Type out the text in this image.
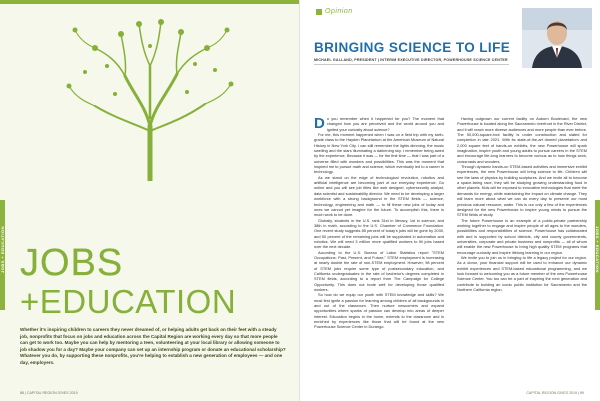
JOBS + EDUCATION JOBS
+EDUCATION

Whether it's inspiring children to careers they never dreamed of, or helping adults get back on their feet with a steady job, nonprofits that focus on jobs and education across the Capital Region are working every day so that more people can get to work too. Maybe you can help by mentoring a teen, volunteering at your local library or allowing someone to job shadow you for a day? Maybe your company can set up an internship program or donate an educational scholarship? Whatever you do, by supporting these nonprofits, you're helping to establish a new generation of employees — and one day, employers.

88 | CAPITAL REGION GIVES 2019
Opinion
BRINGING SCIENCE TO LIFE
MICHAEL GALLAND, PRESIDENT | INTERIM EXECUTIVE DIRECTOR, POWERHOUSE SCIENCE CENTER
JOBS + EDUCATION

Do you remember when it happened for you? The moment that changed how you are perceived and the world around you and ignited your curiosity about science?

For me, this moment happened when I was on a field trip with my sixth-grade class to the Hayden Planetarium at the American Museum of Natural History in New York City. I can still remember the lights dimming, the music swelling and the stars illuminating a darkening sky. I remember being awed by the experience. Because it was — for the first time — that I was part of a universe filled with wonders and possibilities. This was the moment that inspired me to pursue math and science, which eventually led to a career in technology.

As we stand on the edge of technological revolution, robotics and artificial intelligence are becoming part of our everyday experience. Go online and you will see job titles like web designer, cybersecurity analyst, data scientist and sustainability director. We need to be developing a larger workforce with a strong background in the STEM fields — science, technology, engineering and math — to fill these new jobs of today and ones we cannot yet imagine for the future. To accomplish this, there is much work to be done.

Globally, students in the U.S. rank 31st in literacy, 1st in science, and 38th in math, according to the U.S. Chamber of Commerce Foundation. One recent study suggests 85 percent of today's jobs will be gone by 2030, and 50 percent of the remaining jobs will be supplanted in automation and robotics. We will need 3 million more qualified workers to fill jobs based over the next decade.

According to the U.S. Bureau of Labor Statistics report "STEM Occupations: Past, Present, and Future," STEM employment is increasing at nearly double the rate of non-STEM employment. However, 98 percent of STEM jobs require some type of postsecondary education, and California undergraduates in the rate of bachelor's degrees completed in STEM fields, according to a report from The Campaign for College Opportunity. This does not bode well for developing those qualified workers.

So how do we equip our youth with STEM knowledge and skills? We must first ignite a passion for learning among children of all backgrounds in and out of the classroom. Then nurture newcomers and expand opportunities where sparks of passion can develop into areas of deeper interest. Education begins in the home, extends to the classroom and is enriched by experiences like those that will be found at the new Powerhouse Science Center in Durango.

Having outgrown our current facility on Auburn Boulevard, the new Powerhouse is located along the Sacramento riverfront in the River District, and it will reach more diverse audiences and more people than ever before. The 50,000-square-foot facility is under construction and slated for completion in late 2021. With its state-of-the-art domed planetarium and 2,000 square feet of hands-on exhibits, the new Powerhouse will spark imagination, inspire youth and young adults to pursue careers in the STEM and encourage life-long learners to become curious as to how things work, crossroads and wonders.

Through dynamic hands-on STEM-based activities and immersive exhibit experiences, the new Powerhouse will bring science to life. Children will see the laws of physics by building sculptures. And we invite all to become a space-faring race, they will be studying growing understanding food in other planets. Kids will be exposed to innovative technologies that meet the demands for energy, while maintaining the impact on climate change. They will learn more about what we can do every day to preserve our most precious natural resource, water. This is our only a few of the experiences designed for the new Powerhouse to inspire young minds to pursue the STEM fields of study.

The future Powerhouse is an example of a public-private partnership working together to engage and inspire people of all ages to the wonders, possibilities and responsibilities of science. Powerhouse has collaborated with and is supported by school districts, city and county governments, universities, corporate and private business and nonprofits — all of whom will enable the new Powerhouse to bring high quality STEM programs that encourage curiosity and inspire lifelong learning in our region.

We invite you to join us in bringing to life a legacy project for our region. As a donor, your financial support will be used to enhance our dynamic exhibit experiences and STEM-based educational programming, and we look forward to welcoming you as a future member of the new Powerhouse Science Center. You too can be a part of inspiring the next generation and contribute to building an iconic public institution for Sacramento and the Northern California region.

CAPITAL REGION GIVES 2019 | 89
